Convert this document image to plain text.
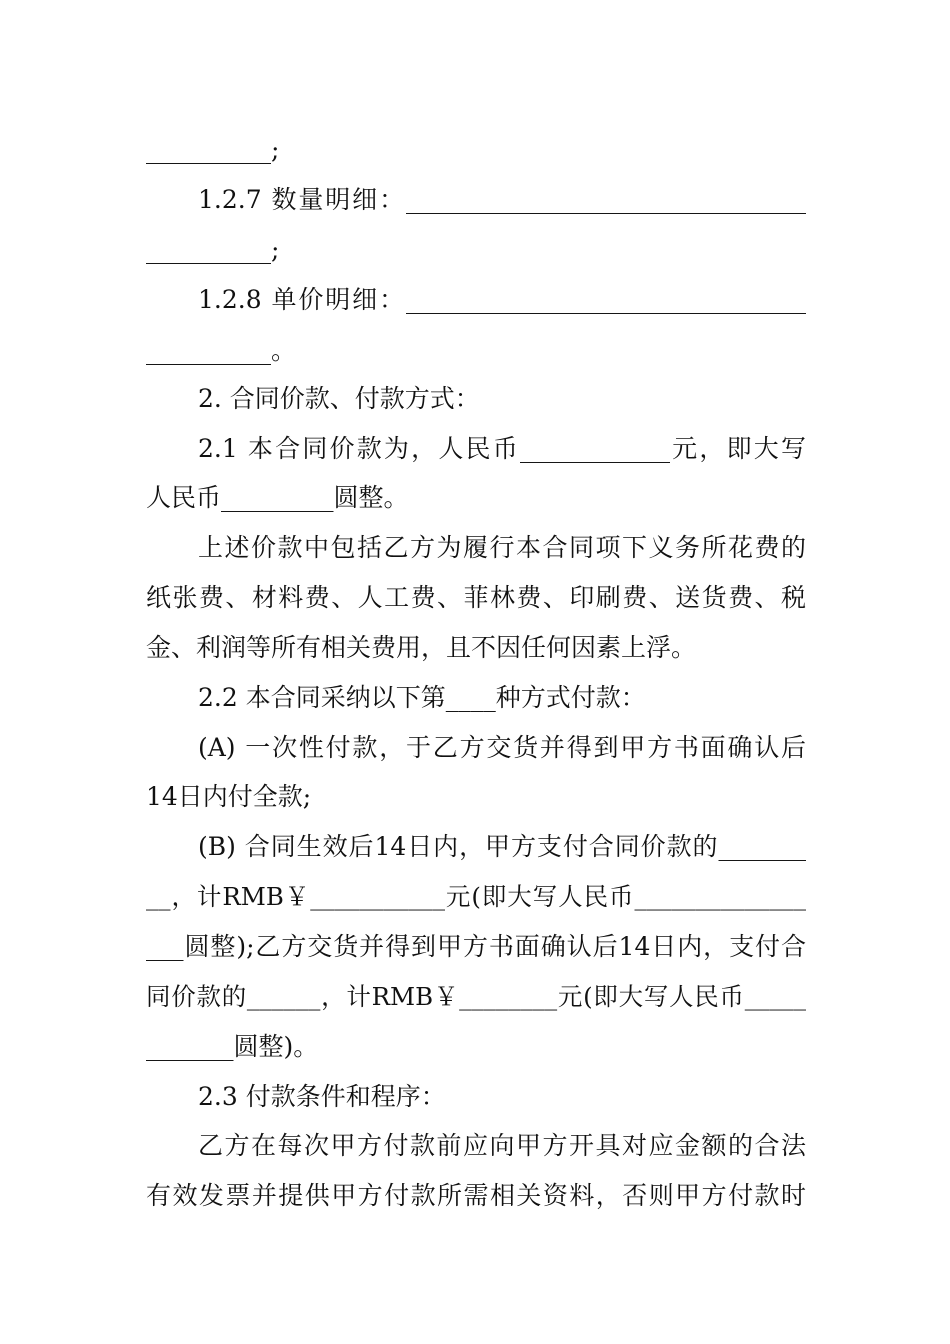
__________;
1.2.7 数量明细：________________________________
__________;
1.2.8 单价明细：________________________________
__________。
2. 合同价款、付款方式：
2.1 本合同价款为，人民币____________元，即大写
人民币_________圆整。
上述价款中包括乙方为履行本合同项下义务所花费的
纸张费、材料费、人工费、菲林费、印刷费、送货费、税
金、利润等所有相关费用，且不因任何因素上浮。
2.2 本合同采纳以下第____种方式付款：
(A) 一次性付款，于乙方交货并得到甲方书面确认后
14日内付全款;
(B) 合同生效后14日内，甲方支付合同价款的_______
__，计RMB￥___________元(即大写人民币______________
___圆整);乙方交货并得到甲方书面确认后14日内，支付合
同价款的______，计RMB￥________元(即大写人民币_____
_______圆整)。
2.3 付款条件和程序：
乙方在每次甲方付款前应向甲方开具对应金额的合法
有效发票并提供甲方付款所需相关资料，否则甲方付款时
